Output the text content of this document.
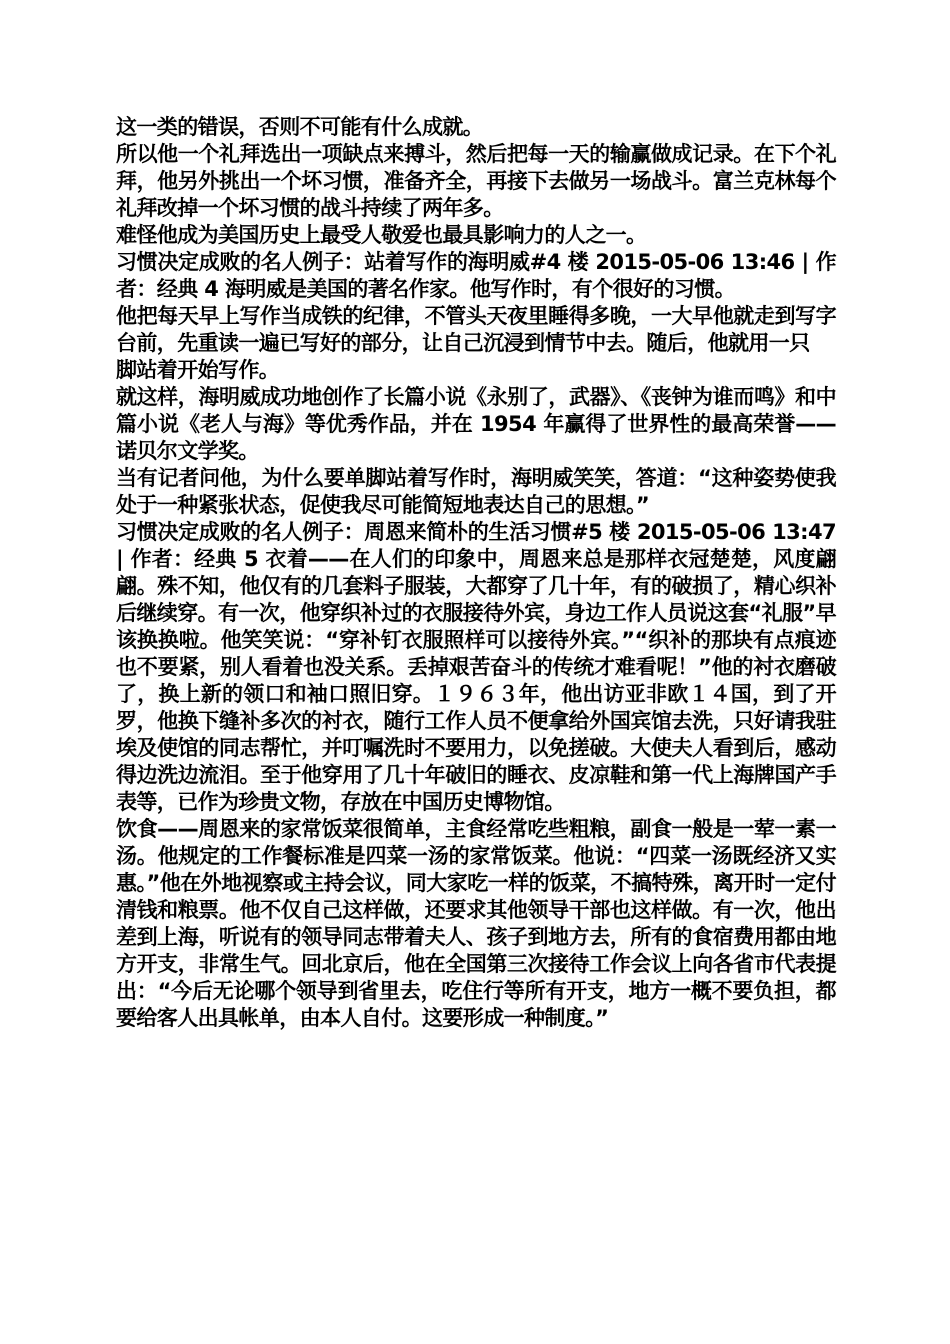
这一类的错误，否则不可能有什么成就。

所以他一个礼拜选出一项缺点来搏斗，然后把每一天的输赢做成记录。在下个礼拜，他另外挑出一个坏习惯，准备齐全，再接下去做另一场战斗。富兰克林每个礼拜改掉一个坏习惯的战斗持续了两年多。

难怪他成为美国历史上最受人敬爱也最具影响力的人之一。

习惯决定成败的名人例子：站着写作的海明威#4 楼 2015-05-06 13:46 | 作者：经典 4 海明威是美国的著名作家。他写作时，有个很好的习惯。

他把每天早上写作当成铁的纪律，不管头天夜里睡得多晚，一大早他就走到写字台前，先重读一遍已写好的部分，让自己沉浸到情节中去。随后，他就用一只

脚站着开始写作。

就这样，海明威成功地创作了长篇小说《永别了，武器》、《丧钟为谁而鸣》和中篇小说《老人与海》等优秀作品，并在 1954 年赢得了世界性的最高荣誉——诺贝尔文学奖。

当有记者问他，为什么要单脚站着写作时，海明威笑笑，答道：“这种姿势使我处于一种紧张状态，促使我尽可能简短地表达自己的思想。”

习惯决定成败的名人例子：周恩来简朴的生活习惯#5 楼 2015-05-06 13:47 | 作者：经典 5 衣着——在人们的印象中，周恩来总是那样衣冠楚楚，风度翩翩。殊不知，他仅有的几套料子服装，大都穿了几十年，有的破损了，精心织补后继续穿。有一次，他穿织补过的衣服接待外宾，身边工作人员说这套“礼服”早该换换啦。他笑笑说：“穿补钉衣服照样可以接待外宾。”“织补的那块有点痕迹也不要紧，别人看着也没关系。丢掉艰苦奋斗的传统才难看呢！”他的衬衣磨破了，换上新的领口和袖口照旧穿。１９６３年，他出访亚非欧１４国，到了开罗，他换下缝补多次的衬衣，随行工作人员不便拿给外国宾馆去洗，只好请我驻埃及使馆的同志帮忙，并叮嘱洗时不要用力，以免搓破。大使夫人看到后，感动得边洗边流泪。至于他穿用了几十年破旧的睡衣、皮凉鞋和第一代上海牌国产手表等，已作为珍贵文物，存放在中国历史博物馆。

饮食——周恩来的家常饭菜很简单，主食经常吃些粗粮，副食一般是一荤一素一汤。他规定的工作餐标准是四菜一汤的家常饭菜。他说：“四菜一汤既经济又实惠。”他在外地视察或主持会议，同大家吃一样的饭菜，不搞特殊，离开时一定付清钱和粮票。他不仅自己这样做，还要求其他领导干部也这样做。有一次，他出差到上海，听说有的领导同志带着夫人、孩子到地方去，所有的食宿费用都由地方开支，非常生气。回北京后，他在全国第三次接待工作会议上向各省市代表提出：“今后无论哪个领导到省里去，吃住行等所有开支，地方一概不要负担，都要给客人出具帐单，由本人自付。这要形成一种制度。”
